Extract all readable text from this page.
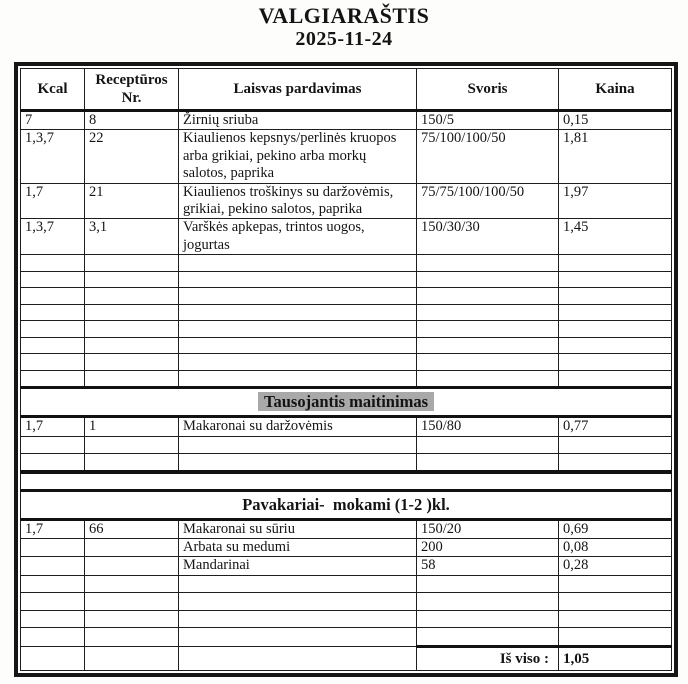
VALGIARAŠTIS
2025-11-24
Kcal	Receptūros Nr.	Laisvas pardavimas	Svoris	Kaina
7	8	Žirnių sriuba	150/5	0,15
1,3,7	22	Kiaulienos kepsnys/perlinės kruopos arba grikiai, pekino arba morkų salotos, paprika	75/100/100/50	1,81
1,7	21	Kiaulienos troškinys su daržovėmis, grikiai, pekino salotos, paprika	75/75/100/100/50	1,97
1,3,7	3,1	Varškės apkepas, trintos uogos, jogurtas	150/30/30	1,45

Tausojantis maitinimas				
1,7	1	Makaronai su daržovėmis	150/80	0,77

Pavakariai-  mokami (1-2 )kl.				
1,7	66	Makaronai su sūriu	150/20	0,69
		Arbata su medumi	200	0,08
		Mandarinai	58	0,28

			Iš viso :	1,05
